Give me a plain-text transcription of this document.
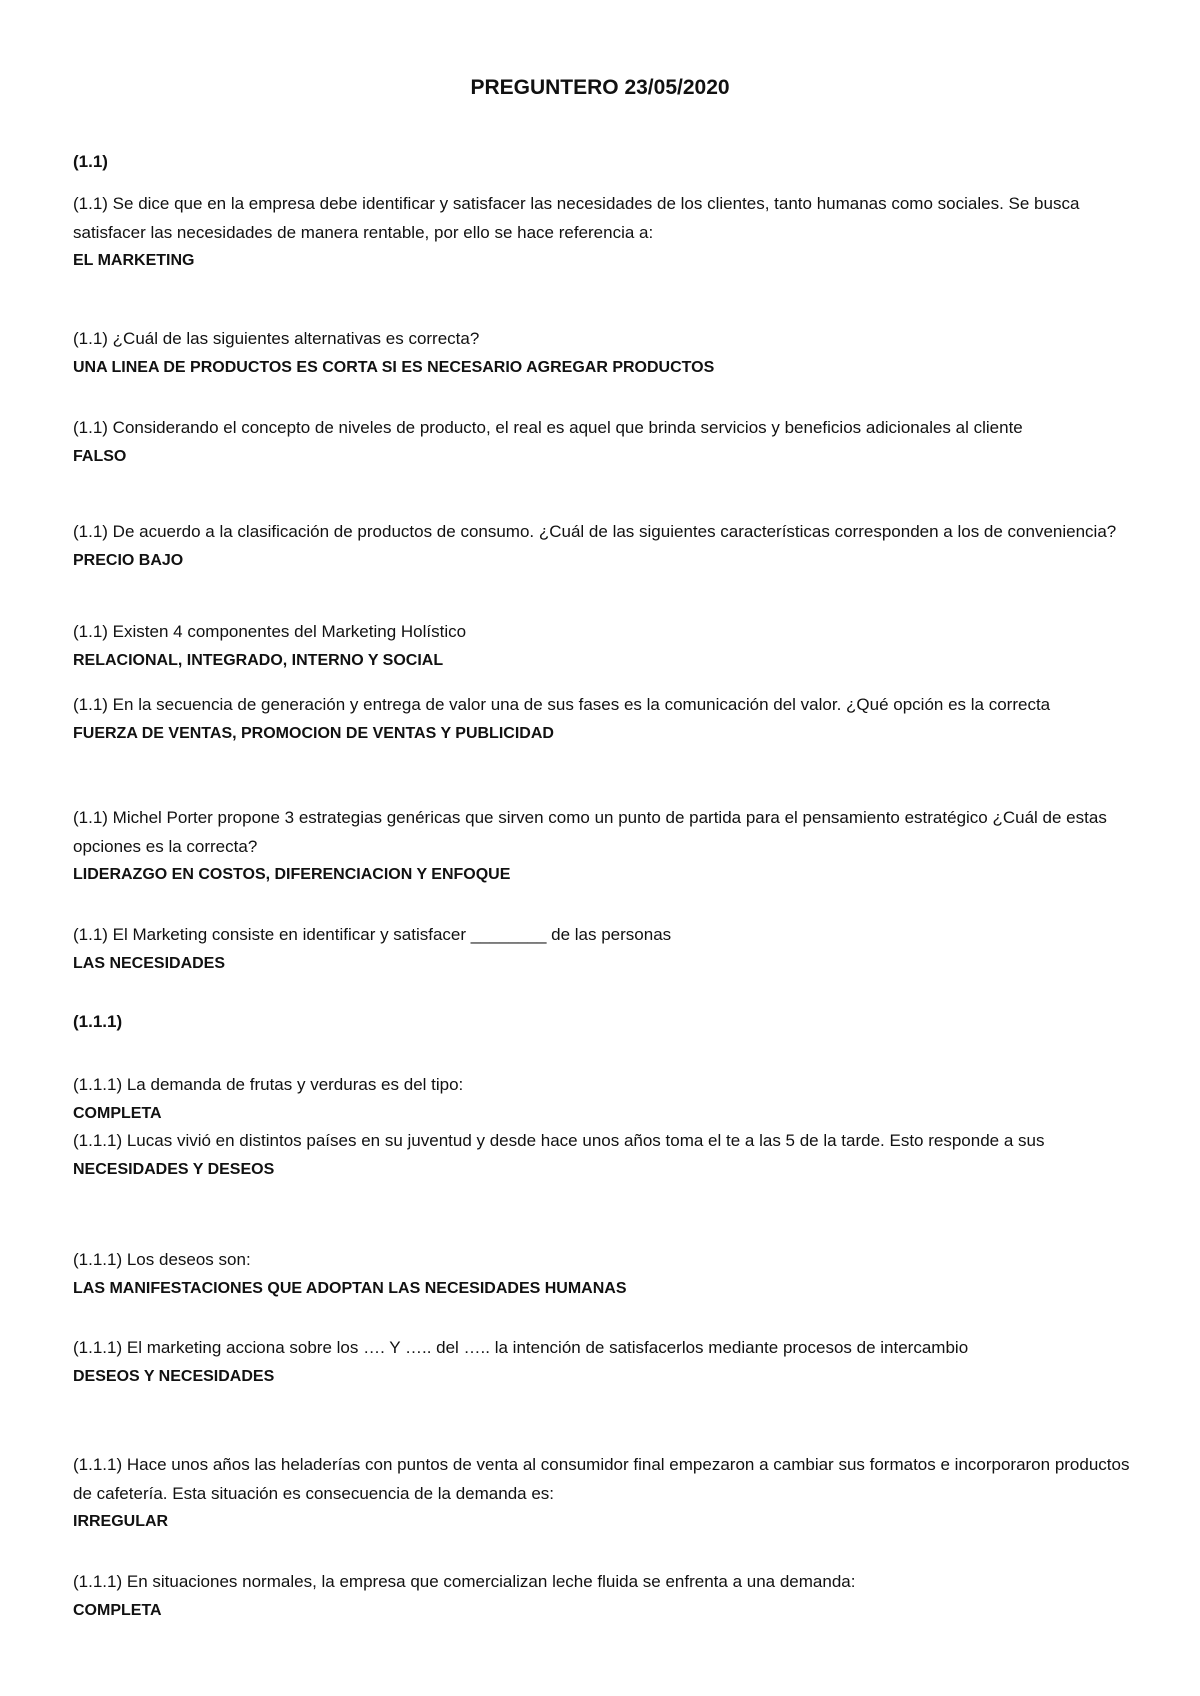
PREGUNTERO 23/05/2020
(1.1)

(1.1) Se dice que en la empresa debe identificar y satisfacer las necesidades de los clientes, tanto humanas como sociales. Se busca satisfacer las necesidades de manera rentable, por ello se hace referencia a:

EL MARKETING

(1.1) ¿Cuál de las siguientes alternativas es correcta?

UNA LINEA DE PRODUCTOS ES CORTA SI ES NECESARIO AGREGAR PRODUCTOS

(1.1) Considerando el concepto de niveles de producto, el real es aquel que brinda servicios y beneficios adicionales al cliente

FALSO

(1.1) De acuerdo a la clasificación de productos de consumo. ¿Cuál de las siguientes características corresponden a los de conveniencia?

PRECIO BAJO

(1.1) Existen 4 componentes del Marketing Holístico

RELACIONAL, INTEGRADO, INTERNO Y SOCIAL

(1.1) En la secuencia de generación y entrega de valor una de sus fases es la comunicación del valor. ¿Qué opción es la correcta

FUERZA DE VENTAS, PROMOCION DE VENTAS Y PUBLICIDAD

(1.1) Michel Porter propone 3 estrategias genéricas que sirven como un punto de partida para el pensamiento estratégico ¿Cuál de estas opciones es la correcta?

LIDERAZGO EN COSTOS, DIFERENCIACION Y ENFOQUE

(1.1) El Marketing consiste en identificar y satisfacer ________ de las personas

LAS NECESIDADES

(1.1.1)

(1.1.1) La demanda de frutas y verduras es del tipo:

COMPLETA

(1.1.1) Lucas vivió en distintos países en su juventud y desde hace unos años toma el te a las 5 de la tarde. Esto responde a sus

NECESIDADES Y DESEOS

(1.1.1) Los deseos son:

LAS MANIFESTACIONES QUE ADOPTAN LAS NECESIDADES HUMANAS

(1.1.1) El marketing acciona sobre los …. Y ….. del ….. la intención de satisfacerlos mediante procesos de intercambio

DESEOS Y NECESIDADES

(1.1.1) Hace unos años las heladerías con puntos de venta al consumidor final empezaron a cambiar sus formatos e incorporaron productos de cafetería. Esta situación es consecuencia de la demanda es:

IRREGULAR

(1.1.1) En situaciones normales, la empresa que comercializan leche fluida se enfrenta a una demanda:

COMPLETA
